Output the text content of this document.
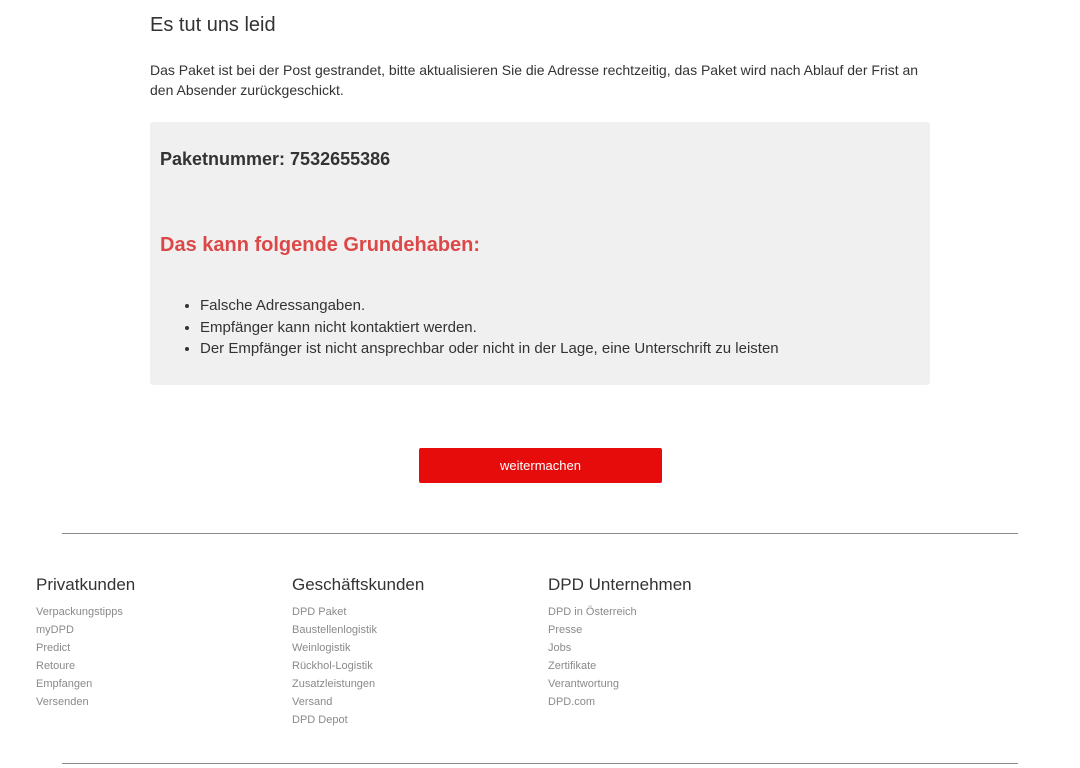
Es tut uns leid

Das Paket ist bei der Post gestrandet, bitte aktualisieren Sie die Adresse rechtzeitig, das Paket wird nach Ablauf der Frist an den Absender zurückgeschickt.

Paketnummer: 7532655386
Das kann folgende Grundehaben:
• Falsche Adressangaben.
• Empfänger kann nicht kontaktiert werden.
• Der Empfänger ist nicht ansprechbar oder nicht in der Lage, eine Unterschrift zu leisten
weitermachen
Privatkunden
Verpackungstipps
myDPD
Predict
Retoure
Empfangen
Versenden
Geschäftskunden
DPD Paket
Baustellenlogistik
Weinlogistik
Rückhol-Logistik
Zusatzleistungen
Versand
DPD Depot
DPD Unternehmen
DPD in Österreich
Presse
Jobs
Zertifikate
Verantwortung
DPD.com
